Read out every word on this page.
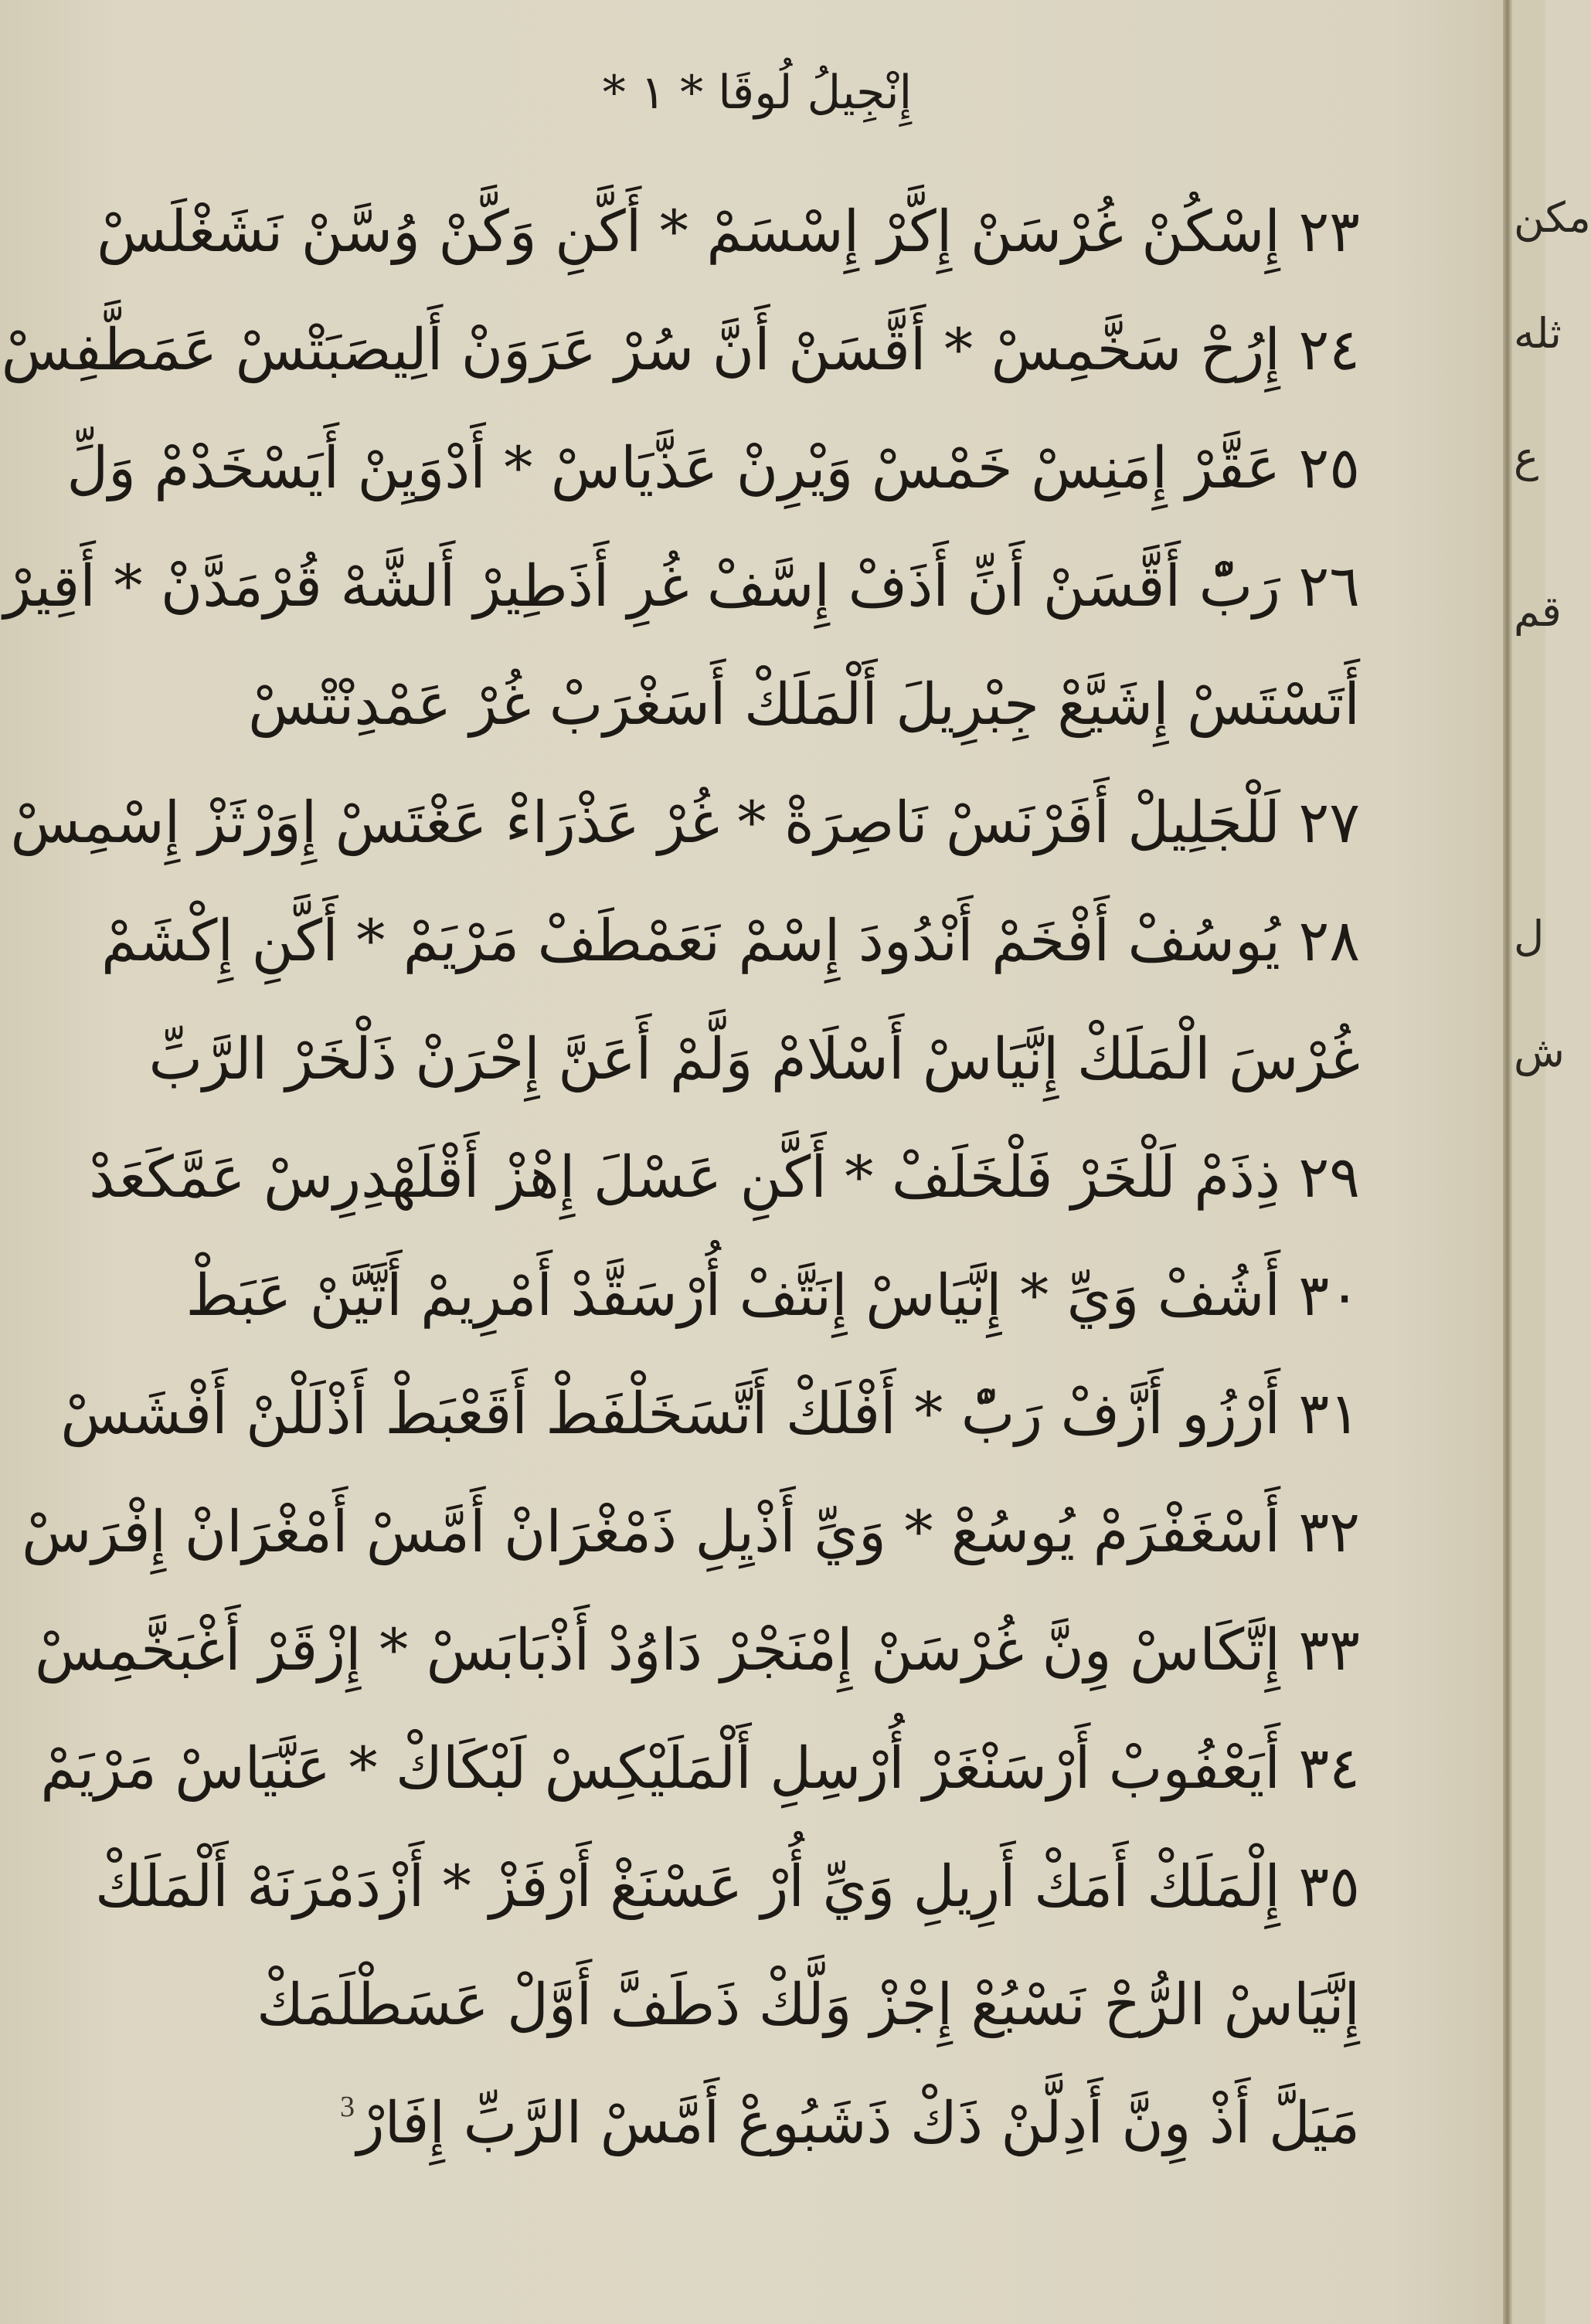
إِنْجِيلُ لُوقَا * ١ *
٢٣ إِسْكُنْ غُرْسَنْ إِكَّرْ إِسْسَمْ * أَكَّنِ وَكَّنْ وُسَّنْ نَشَغْلَسْ
٢٤ إِرُحْ سَخَّمِسْ * أَقَّسَنْ أَنَّ سُرْ عَرَوَنْ أَلِيصَبَتْسْ عَمَطَّفِسْ
٢٥ عَقَّرْ إِمَنِسْ خَمْسْ وَيْرِنْ عَذَّيَاسْ * أَدْوَيِنْ أَيَسْخَدْمْ وَلِّ
٢٦ رَبّْ أَقَّسَنْ أَنِّ أَذَفْ إِسَّفْ غُرِ أَذَطِيرْ أَلشَّهْ قُرْمَدَّنْ * أَقِيرْ
أَتَسْتَسْ إِشَيَّعْ جِبْرِيلَ أَلْمَلَكْ أَسَغْرَبْ غُرْ عَمْدِنْتْسْ
٢٧ لَلْجَلِيلْ أَفَرْنَسْ نَاصِرَةْ * غُرْ عَذْرَاءْ عَغْتَسْ إِوَرْثَزْ إِسْمِسْ
٢٨ يُوسُفْ أَفْخَمْ أَنْدُودَ إِسْمْ نَعَمْطَفْ مَرْيَمْ * أَكَّنِ إِكْشَمْ
غُرْسَ الْمَلَكْ إِنَّيَاسْ أَسْلَامْ وَلَّمْ أَعَنَّ إِحْرَنْ ذَلْخَرْ الرَّبِّ
٢٩ ذِذَمْ لَلْخَرْ فَلْخَلَفْ * أَكَّنِ عَسْلَ إِهْزْ أَقْلَهْدِرِسْ عَمَّكَعَدْ
٣٠ أَشُفْ وَيِّ * إِنَّيَاسْ إِنَتَّفْ أُرْسَقَّدْ أَمْرِيمْ أَتَّيَّنْ عَبَطْ
٣١ أَرْزُو أَزَّفْ رَبّْ * أَفْلَكْ أَتَّسَخَلْفَطْ أَقَعْبَطْ أَذْلَلْنْ أَفْشَسْ
٣٢ أَسْغَفْرَمْ يُوسُعْ * وَيِّ أَذْيِلِ ذَمْغْرَانْ أَمَّسْ أَمْغْرَانْ إِفْرَسْ
٣٣ إِتَّكَاسْ وِنَّ غُرْسَنْ إِمْنَجْرْ دَاوُدْ أَذْبَابَسْ * إِزْقَرْ أَغْبَخَّمِسْ
٣٤ أَيَعْفُوبْ أَرْسَنْغَرْ أُرْسِلِ أَلْمَلَيْكِسْ لَبْكَاكْ * عَنَّيَاسْ مَرْيَمْ
٣٥ إِلْمَلَكْ أَمَكْ أَرِيلِ وَيِّ أُرْ عَسْنَغْ أَرْفَزْ * أَزْدَمْرَنَهْ أَلْمَلَكْ
إِنَّيَاسْ الرُّحْ نَسْبُعْ إِجْزْ وَلَّكْ ذَطَفَّ أَوَّلْ عَسَطْلَمَكْ
مَيَلَّ أَذْ وِنَّ أَدِلَّنْ ذَكْ ذَشَبُوعْ أَمَّسْ الرَّبِّ إِفَارْ
3
مكن
ثله
ع
قم
ل
ش
